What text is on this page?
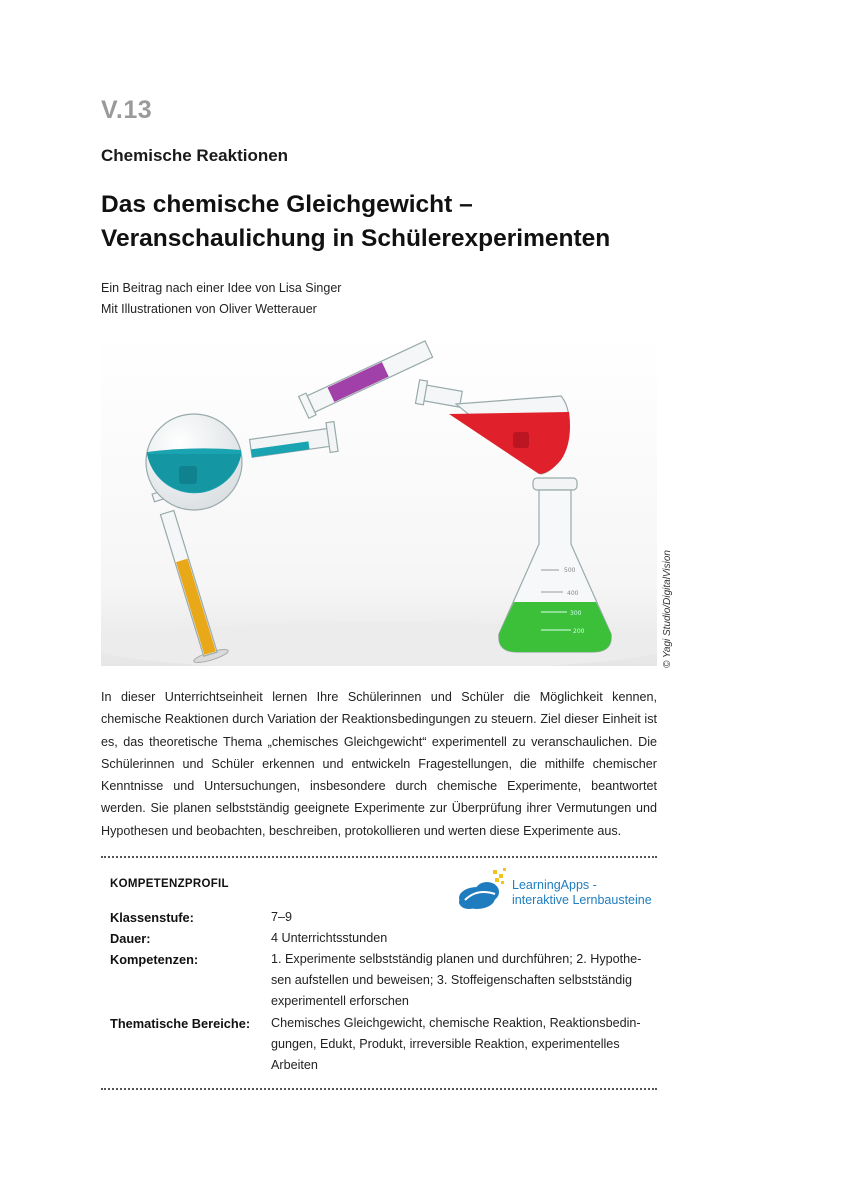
V.13
Chemische Reaktionen
Das chemische Gleichgewicht –
Veranschaulichung in Schülerexperimenten
Ein Beitrag nach einer Idee von Lisa Singer
Mit Illustrationen von Oliver Wetterauer
500
400
300
200	© Yagi Studio/DigitalVision

In dieser Unterrichtseinheit lernen Ihre Schülerinnen und Schüler die Möglichkeit kennen, chemische Reaktionen durch Variation der Reaktionsbedingungen zu steuern. Ziel dieser Einheit ist es, das theoretische Thema „chemisches Gleichgewicht“ experimentell zu veranschaulichen. Die Schülerinnen und Schüler erkennen und entwickeln Fragestellungen, die mithilfe chemischer Kenntnisse und Untersuchungen, insbesondere durch chemische Experimente, beantwortet werden. Sie planen selbstständig geeignete Experimente zur Überprüfung ihrer Vermutungen und Hypothesen und beobachten, beschreiben, protokollieren und werten diese Experimente aus.

KOMPETENZPROFIL	LearningApps -
interaktive Lernbausteine
Klassenstufe:	7–9
Dauer:	4 Unterrichtsstunden
Kompetenzen:	1. Experimente selbstständig planen und durchführen; 2. Hypothe-
sen aufstellen und beweisen; 3. Stoffeigenschaften selbstständig
experimentell erforschen
Thematische Bereiche: Chemisches Gleichgewicht, chemische Reaktion, Reaktionsbedin-
gungen, Edukt, Produkt, irreversible Reaktion, experimentelles
Arbeiten
